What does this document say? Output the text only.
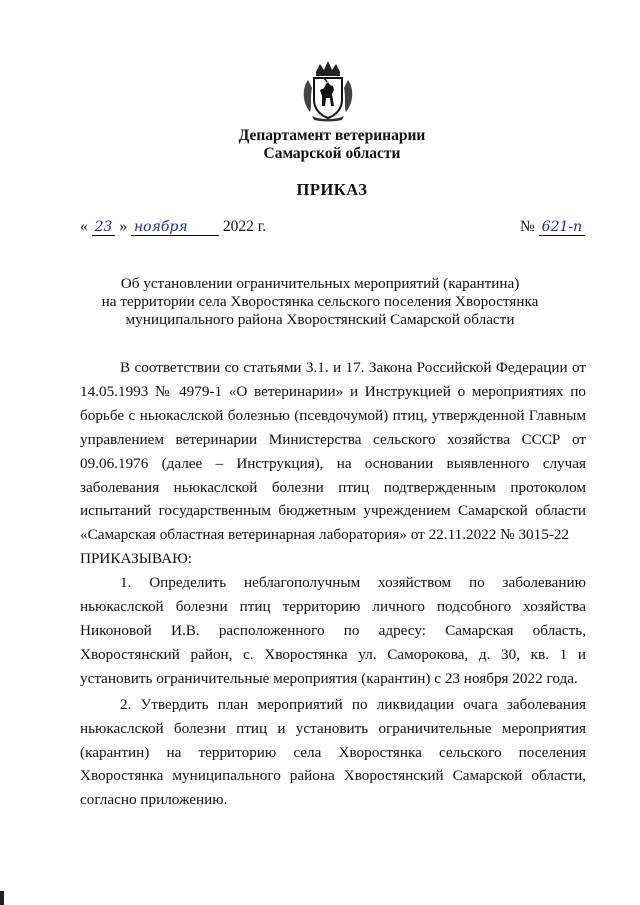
Департамент ветеринарии
Самарской области
ПРИКАЗ
« 23 » ноября 2022 г.	№ 621-п
Об установлении ограничительных мероприятий (карантина)
на территории села Хворостянка сельского поселения Хворостянка
муниципального района Хворостянский Самарской области

В соответствии со статьями 3.1. и 17. Закона Российской Федерации от 14.05.1993 № 4979-1 «О ветеринарии» и Инструкцией о мероприятиях по борьбе с ньюкаслской болезнью (псевдочумой) птиц, утвержденной Главным управлением ветеринарии Министерства сельского хозяйства СССР от 09.06.1976 (далее – Инструкция), на основании выявленного случая заболевания ньюкаслской болезни птиц подтвержденным протоколом испытаний государственным бюджетным учреждением Самарской области «Самарская областная ветеринарная лаборатория» от 22.11.2022 № 3015-22

ПРИКАЗЫВАЮ:

1. Определить неблагополучным хозяйством по заболеванию ньюкаслской болезни птиц территорию личного подсобного хозяйства Никоновой И.В. расположенного по адресу: Самарская область, Хворостянский район, с. Хворостянка ул. Саморокова, д. 30, кв. 1 и установить ограничительные мероприятия (карантин) с 23 ноября 2022 года.

2. Утвердить план мероприятий по ликвидации очага заболевания ньюкаслской болезни птиц и установить ограничительные мероприятия (карантин) на территорию села Хворостянка сельского поселения Хворостянка муниципального района Хворостянский Самарской области, согласно приложению.
